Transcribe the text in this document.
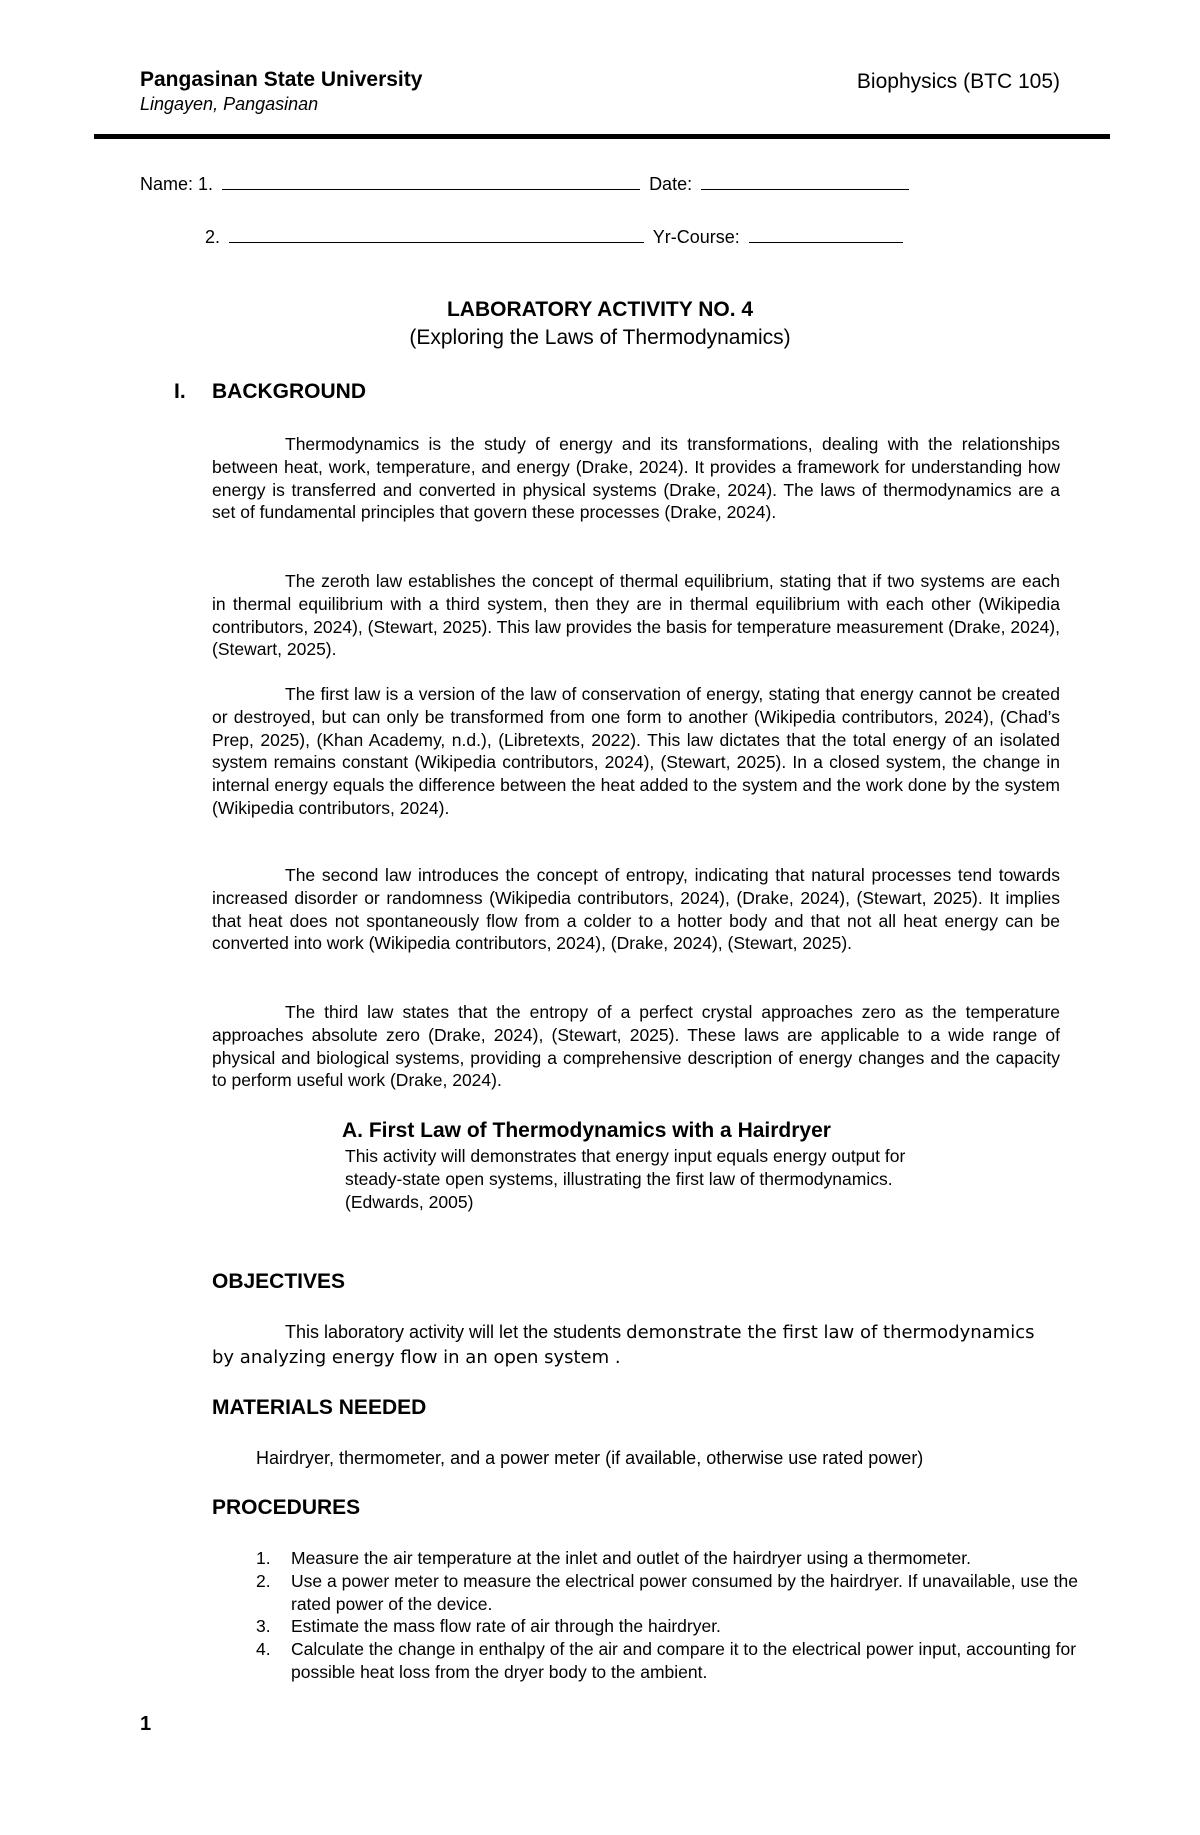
Pangasinan State University
Lingayen, Pangasinan
Biophysics (BTC 105)
Name: 1.	Date:
2.	Yr-Course:
LABORATORY ACTIVITY NO. 4
(Exploring the Laws of Thermodynamics)
I. BACKGROUND

Thermodynamics is the study of energy and its transformations, dealing with the relationships between heat, work, temperature, and energy (Drake, 2024). It provides a framework for understanding how energy is transferred and converted in physical systems (Drake, 2024). The laws of thermodynamics are a set of fundamental principles that govern these processes (Drake, 2024).

The zeroth law establishes the concept of thermal equilibrium, stating that if two systems are each in thermal equilibrium with a third system, then they are in thermal equilibrium with each other (Wikipedia contributors, 2024), (Stewart, 2025). This law provides the basis for temperature measurement (Drake, 2024), (Stewart, 2025).

The first law is a version of the law of conservation of energy, stating that energy cannot be created or destroyed, but can only be transformed from one form to another (Wikipedia contributors, 2024), (Chad’s Prep, 2025), (Khan Academy, n.d.), (Libretexts, 2022). This law dictates that the total energy of an isolated system remains constant (Wikipedia contributors, 2024), (Stewart, 2025). In a closed system, the change in internal energy equals the difference between the heat added to the system and the work done by the system (Wikipedia contributors, 2024).

The second law introduces the concept of entropy, indicating that natural processes tend towards increased disorder or randomness (Wikipedia contributors, 2024), (Drake, 2024), (Stewart, 2025). It implies that heat does not spontaneously flow from a colder to a hotter body and that not all heat energy can be converted into work (Wikipedia contributors, 2024), (Drake, 2024), (Stewart, 2025).

The third law states that the entropy of a perfect crystal approaches zero as the temperature approaches absolute zero (Drake, 2024), (Stewart, 2025). These laws are applicable to a wide range of physical and biological systems, providing a comprehensive description of energy changes and the capacity to perform useful work (Drake, 2024).

A. First Law of Thermodynamics with a Hairdryer
This activity will demonstrates that energy input equals energy output for steady-state open systems, illustrating the first law of thermodynamics. (Edwards, 2005)
OBJECTIVES
This laboratory activity will let the students demonstrate the first law of thermodynamics by analyzing energy flow in an open system .
MATERIALS NEEDED
Hairdryer, thermometer, and a power meter (if available, otherwise use rated power)
PROCEDURES
1. Measure the air temperature at the inlet and outlet of the hairdryer using a thermometer.
2. Use a power meter to measure the electrical power consumed by the hairdryer. If unavailable, use the rated power of the device.
3. Estimate the mass flow rate of air through the hairdryer.
4. Calculate the change in enthalpy of the air and compare it to the electrical power input, accounting for possible heat loss from the dryer body to the ambient.
1
